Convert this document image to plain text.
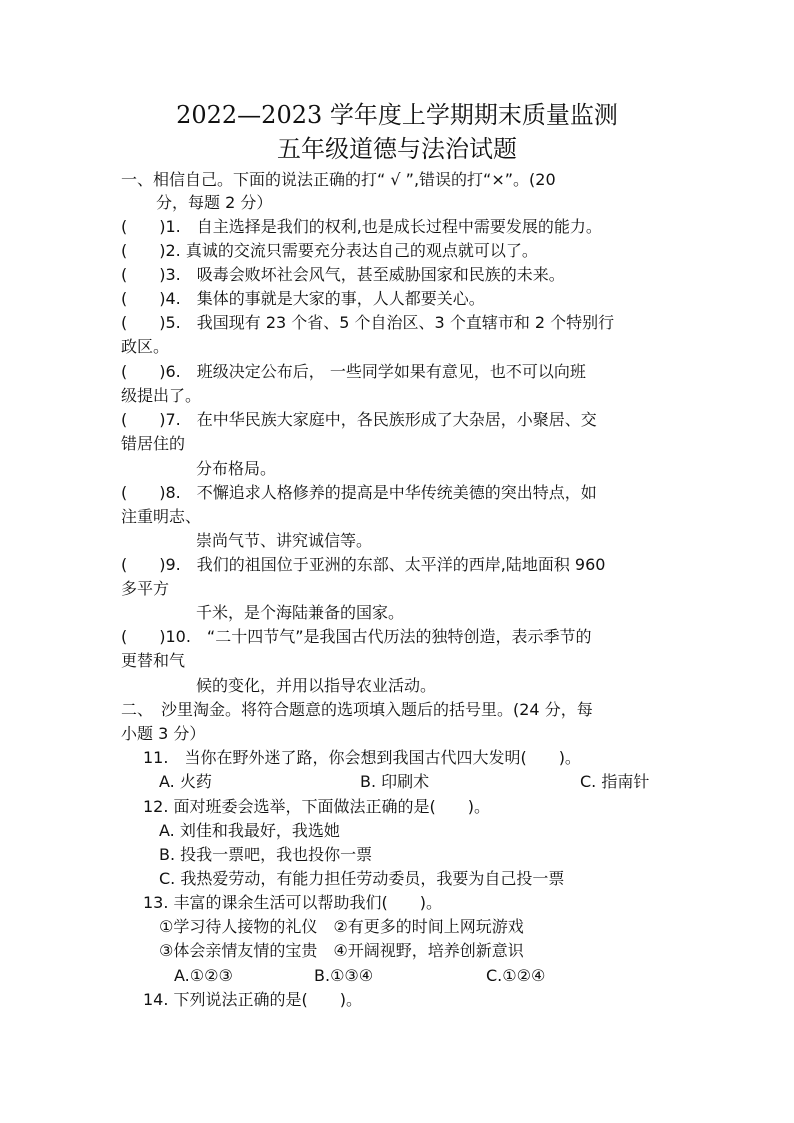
2022—2023 学年度上学期期末质量监测
五年级道德与法治试题
一、相信自己。下面的说法正确的打“ √ ”,错误的打“×”。(20
分，每题 2 分）
(　　)1.　自主选择是我们的权利,也是成长过程中需要发展的能力。
(　　)2. 真诚的交流只需要充分表达自己的观点就可以了。
(　　)3.　吸毒会败坏社会风气，甚至威胁国家和民族的未来。
(　　)4.　集体的事就是大家的事，人人都要关心。
(　　)5.　我国现有 23 个省、5 个自治区、3 个直辖市和 2 个特别行
政区。
(　　)6.　班级决定公布后， 一些同学如果有意见，也不可以向班
级提出了。
(　　)7.　在中华民族大家庭中，各民族形成了大杂居，小聚居、交
错居住的
分布格局。
(　　)8.　不懈追求人格修养的提高是中华传统美德的突出特点，如
注重明志、
崇尚气节、讲究诚信等。
(　　)9.　我们的祖国位于亚洲的东部、太平洋的西岸,陆地面积 960
多平方
千米，是个海陆兼备的国家。
(　　)10.　“二十四节气”是我国古代历法的独特创造，表示季节的
更替和气
候的变化，并用以指导农业活动。
二、　沙里淘金。将符合题意的选项填入题后的括号里。(24 分，每
小题 3 分）
11.　当你在野外迷了路，你会想到我国古代四大发明(　　)。
A. 火药	B. 印刷术	C. 指南针
12. 面对班委会选举，下面做法正确的是(　　)。
A. 刘佳和我最好，我选她
B. 投我一票吧，我也投你一票
C. 我热爱劳动，有能力担任劳动委员，我要为自己投一票
13. 丰富的课余生活可以帮助我们(　　)。
①学习待人接物的礼仪　②有更多的时间上网玩游戏
③体会亲情友情的宝贵　④开阔视野，培养创新意识
A.①②③	B.①③④	C.①②④
14. 下列说法正确的是(　　)。
